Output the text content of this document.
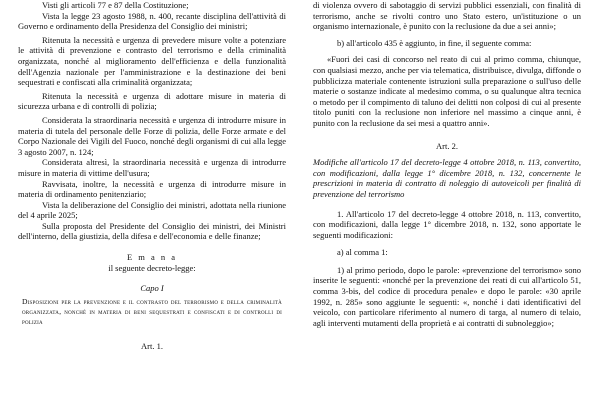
Visti gli articoli 77 e 87 della Costituzione;

Vista la legge 23 agosto 1988, n. 400, recante disciplina dell'attività di Governo e ordinamento della Presidenza del Consiglio dei ministri;

Ritenuta la necessità e urgenza di prevedere misure volte a potenziare le attività di prevenzione e contrasto del terrorismo e della criminalità organizzata, nonché al miglioramento dell'efficienza e della funzionalità dell'Agenzia nazionale per l'amministrazione e la destinazione dei beni sequestrati e confiscati alla criminalità organizzata;

Ritenuta la necessità e urgenza di adottare misure in materia di sicurezza urbana e di controlli di polizia;

Considerata la straordinaria necessità e urgenza di introdurre misure in materia di tutela del personale delle Forze di polizia, delle Forze armate e del Corpo Nazionale dei Vigili del Fuoco, nonché degli organismi di cui alla legge 3 agosto 2007, n. 124;

Considerata altresì, la straordinaria necessità e urgenza di introdurre misure in materia di vittime dell'usura;

Ravvisata, inoltre, la necessità e urgenza di introdurre misure in materia di ordinamento penitenziario;

Vista la deliberazione del Consiglio dei ministri, adottata nella riunione del 4 aprile 2025;

Sulla proposta del Presidente del Consiglio dei ministri, dei Ministri dell'interno, della giustizia, della difesa e dell'economia e delle finanze;

E m a n a

il seguente decreto-legge:

Capo I

Disposizioni per la prevenzione e il contrasto del terrorismo e della criminalità organizzata, nonché in materia di beni sequestrati e confiscati e di controlli di polizia

Art. 1.

di violenza ovvero di sabotaggio di servizi pubblici essenziali, con finalità di terrorismo, anche se rivolti contro uno Stato estero, un'istituzione o un organismo internazionale, è punito con la reclusione da due a sei anni»;

b) all'articolo 435 è aggiunto, in fine, il seguente comma:

«Fuori dei casi di concorso nel reato di cui al primo comma, chiunque, con qualsiasi mezzo, anche per via telematica, distribuisce, divulga, diffonde o pubblicizza materiale contenente istruzioni sulla preparazione o sull'uso delle materie o sostanze indicate al medesimo comma, o su qualunque altra tecnica o metodo per il compimento di taluno dei delitti non colposi di cui al presente titolo puniti con la reclusione non inferiore nel massimo a cinque anni, è punito con la reclusione da sei mesi a quattro anni».

Art. 2.

Modifiche all'articolo 17 del decreto-legge 4 ottobre 2018, n. 113, convertito, con modificazioni, dalla legge 1° dicembre 2018, n. 132, concernente le prescrizioni in materia di contratto di noleggio di autoveicoli per finalità di prevenzione del terrorismo

1. All'articolo 17 del decreto-legge 4 ottobre 2018, n. 113, convertito, con modificazioni, dalla legge 1° dicembre 2018, n. 132, sono apportate le seguenti modificazioni:

a) al comma 1:

1) al primo periodo, dopo le parole: «prevenzione del terrorismo» sono inserite le seguenti: «nonché per la prevenzione dei reati di cui all'articolo 51, comma 3-bis, del codice di procedura penale» e dopo le parole: «30 aprile 1992, n. 285» sono aggiunte le seguenti: «, nonché i dati identificativi del veicolo, con particolare riferimento al numero di targa, al numero di telaio, agli interventi mutamenti della proprietà e ai contratti di subnoleggio»;
